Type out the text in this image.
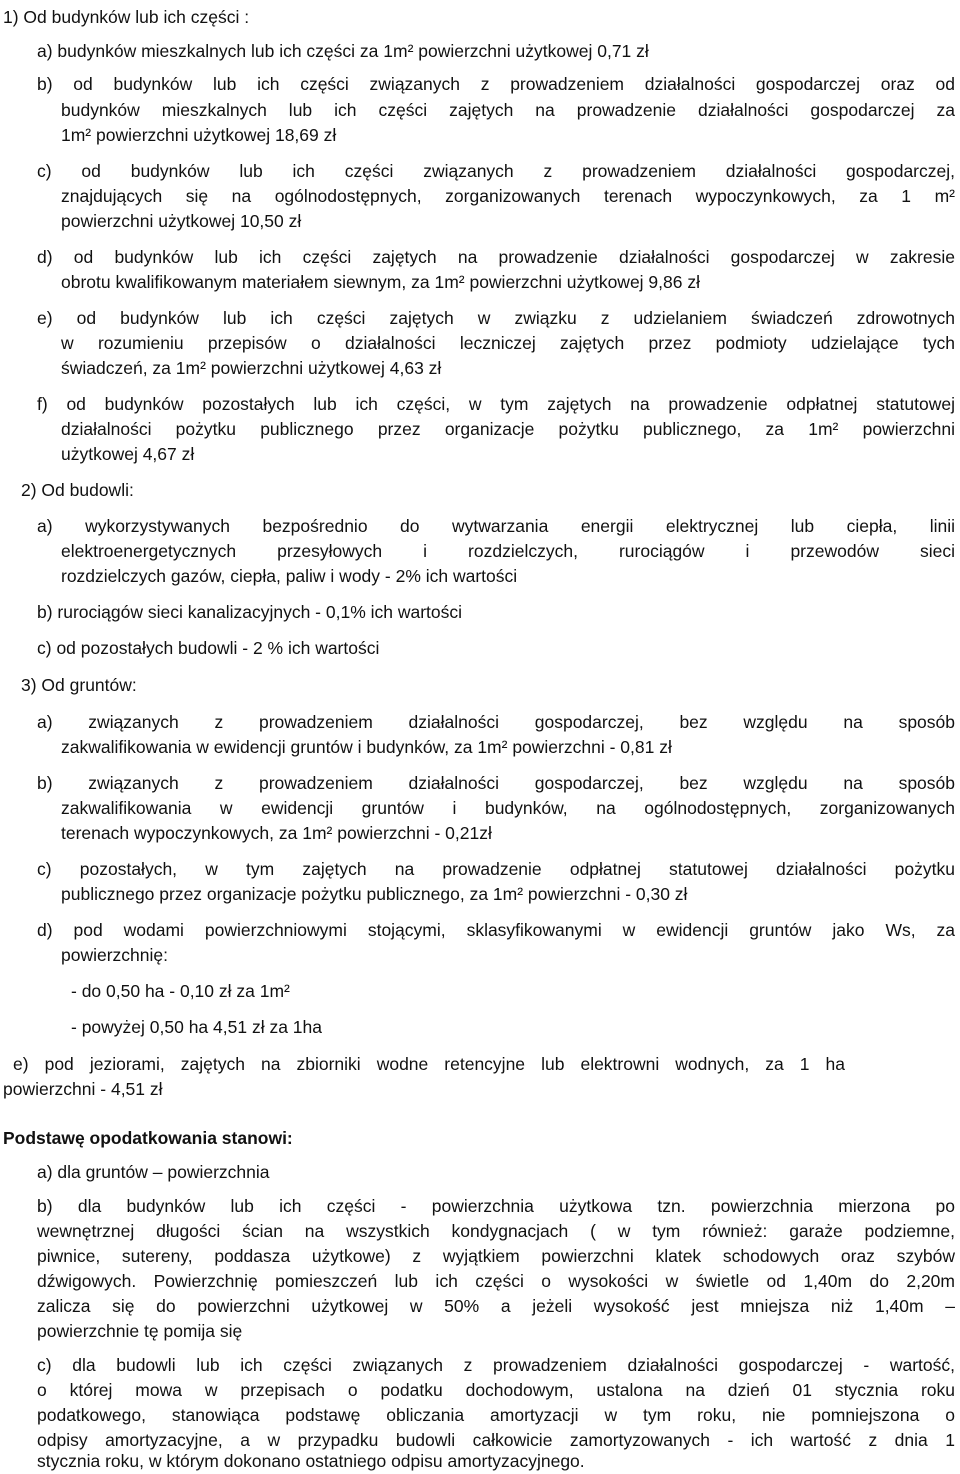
1) Od budynków lub ich części :
a) budynków mieszkalnych lub ich części za 1m² powierzchni użytkowej 0,71 zł
b) od budynków lub ich części związanych z prowadzeniem działalności gospodarczej oraz od
budynków mieszkalnych lub ich części zajętych na prowadzenie działalności gospodarczej za
1m² powierzchni użytkowej 18,69 zł
c) od budynków lub ich części związanych z prowadzeniem działalności gospodarczej,
znajdujących się na ogólnodostępnych, zorganizowanych terenach wypoczynkowych, za 1 m²
powierzchni użytkowej 10,50 zł
d) od budynków lub ich części zajętych na prowadzenie działalności gospodarczej w zakresie
obrotu kwalifikowanym materiałem siewnym, za 1m² powierzchni użytkowej 9,86 zł
e) od budynków lub ich części zajętych w związku z udzielaniem świadczeń zdrowotnych
w rozumieniu przepisów o działalności leczniczej zajętych przez podmioty udzielające tych
świadczeń, za 1m² powierzchni użytkowej 4,63 zł
f) od budynków pozostałych lub ich części, w tym zajętych na prowadzenie odpłatnej statutowej
działalności pożytku publicznego przez organizacje pożytku publicznego, za 1m² powierzchni
użytkowej 4,67 zł
2) Od budowli:
a) wykorzystywanych bezpośrednio do wytwarzania energii elektrycznej lub ciepła, linii
elektroenergetycznych przesyłowych i rozdzielczych, rurociągów i przewodów sieci
rozdzielczych gazów, ciepła, paliw i wody - 2% ich wartości
b) rurociągów sieci kanalizacyjnych - 0,1% ich wartości
c) od pozostałych budowli - 2 % ich wartości
3) Od gruntów:
a) związanych z prowadzeniem działalności gospodarczej, bez względu na sposób
zakwalifikowania w ewidencji gruntów i budynków, za 1m² powierzchni - 0,81 zł
b) związanych z prowadzeniem działalności gospodarczej, bez względu na sposób
zakwalifikowania w ewidencji gruntów i budynków, na ogólnodostępnych, zorganizowanych
terenach wypoczynkowych, za 1m² powierzchni - 0,21zł
c) pozostałych, w tym zajętych na prowadzenie odpłatnej statutowej działalności pożytku
publicznego przez organizacje pożytku publicznego, za 1m² powierzchni - 0,30 zł
d) pod wodami powierzchniowymi stojącymi, sklasyfikowanymi w ewidencji gruntów jako Ws, za
powierzchnię:
- do 0,50 ha - 0,10 zł za 1m²
- powyżej 0,50 ha 4,51 zł za 1ha
e) pod jeziorami, zajętych na zbiorniki wodne retencyjne lub elektrowni wodnych, za 1 ha
powierzchni - 4,51 zł
Podstawę opodatkowania stanowi:
a) dla gruntów – powierzchnia
b) dla budynków lub ich części - powierzchnia użytkowa tzn. powierzchnia mierzona po
wewnętrznej długości ścian na wszystkich kondygnacjach ( w tym również: garaże podziemne,
piwnice, sutereny, poddasza użytkowe) z wyjątkiem powierzchni klatek schodowych oraz szybów
dźwigowych. Powierzchnię pomieszczeń lub ich części o wysokości w świetle od 1,40m do 2,20m
zalicza się do powierzchni użytkowej w 50% a jeżeli wysokość jest mniejsza niż 1,40m –
powierzchnie tę pomija się
c) dla budowli lub ich części związanych z prowadzeniem działalności gospodarczej - wartość,
o której mowa w przepisach o podatku dochodowym, ustalona na dzień 01 stycznia roku
podatkowego, stanowiąca podstawę obliczania amortyzacji w tym roku, nie pomniejszona o
odpisy amortyzacyjne, a w przypadku budowli całkowicie zamortyzowanych - ich wartość z dnia 1
stycznia roku, w którym dokonano ostatniego odpisu amortyzacyjnego.
